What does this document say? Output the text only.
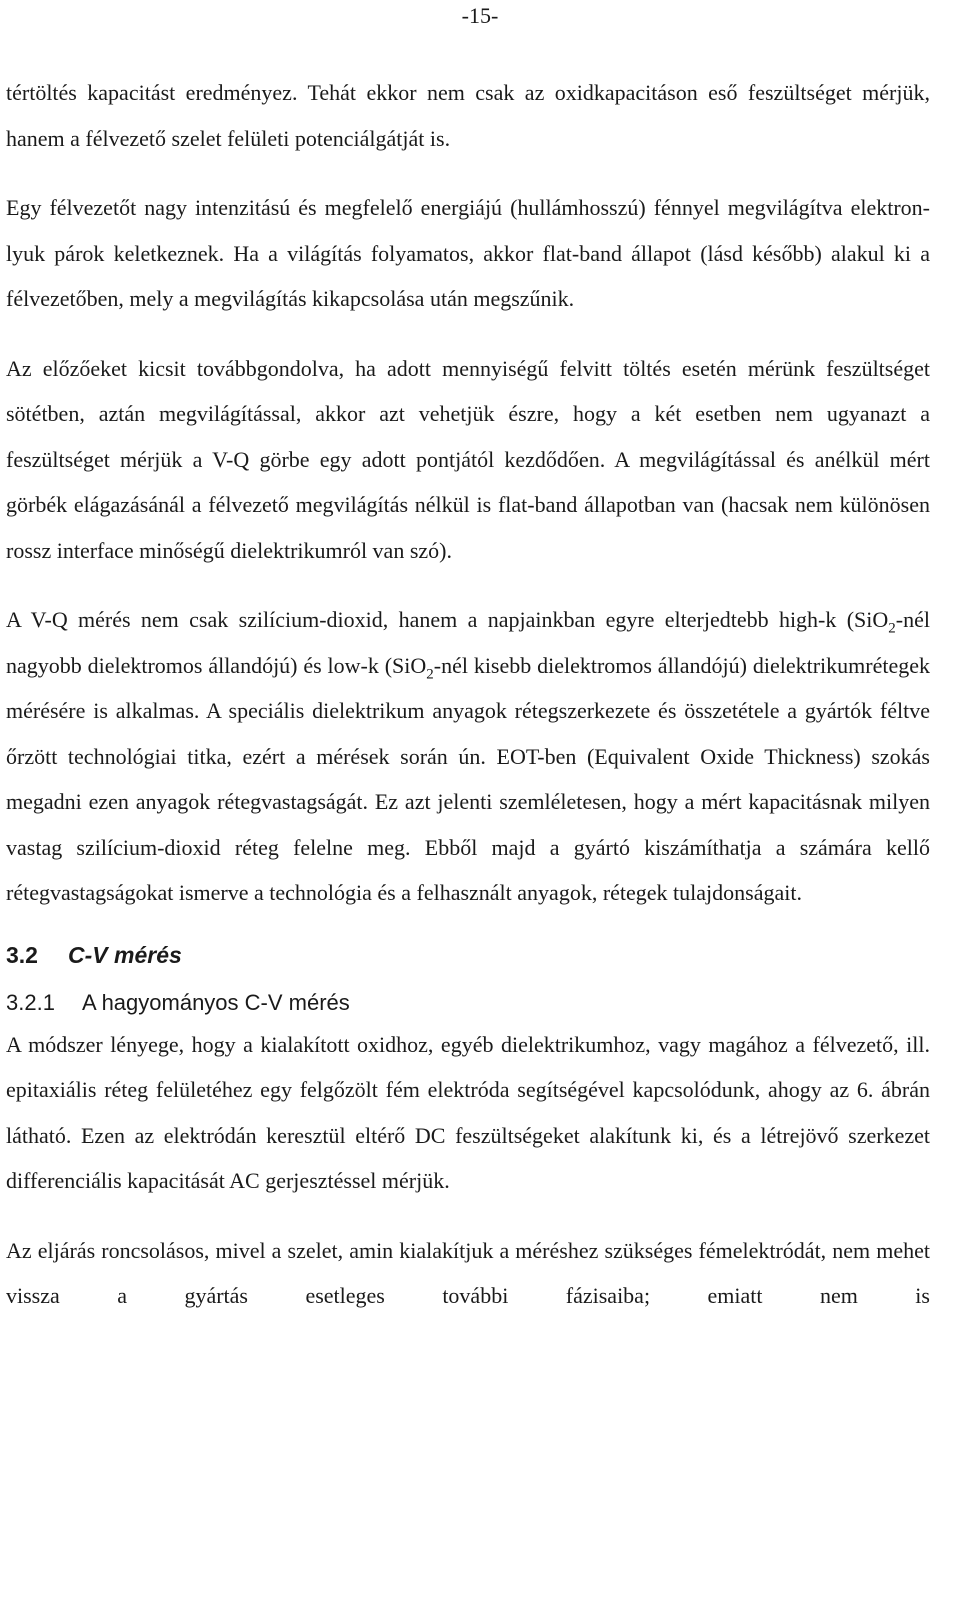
-15-

tértöltés kapacitást eredményez. Tehát ekkor nem csak az oxidkapacitáson eső feszültséget mérjük, hanem a félvezető szelet felületi potenciálgátját is.

Egy félvezetőt nagy intenzitású és megfelelő energiájú (hullámhosszú) fénnyel megvilágítva elektron-lyuk párok keletkeznek. Ha a világítás folyamatos, akkor flat-band állapot (lásd később) alakul ki a félvezetőben, mely a megvilágítás kikapcsolása után megszűnik.

Az előzőeket kicsit továbbgondolva, ha adott mennyiségű felvitt töltés esetén mérünk feszültséget sötétben, aztán megvilágítással, akkor azt vehetjük észre, hogy a két esetben nem ugyanazt a feszültséget mérjük a V-Q görbe egy adott pontjától kezdődően. A megvilágítással és anélkül mért görbék elágazásánál a félvezető megvilágítás nélkül is flat-band állapotban van (hacsak nem különösen rossz interface minőségű dielektrikumról van szó).

A V-Q mérés nem csak szilícium-dioxid, hanem a napjainkban egyre elterjedtebb high-k (SiO$_2$-nél nagyobb dielektromos állandójú) és low-k (SiO$_2$-nél kisebb dielektromos állandójú) dielektrikumrétegek mérésére is alkalmas. A speciális dielektrikum anyagok rétegszerkezete és összetétele a gyártók féltve őrzött technológiai titka, ezért a mérések során ún. EOT-ben (Equivalent Oxide Thickness) szokás megadni ezen anyagok rétegvastagságát. Ez azt jelenti szemléletesen, hogy a mért kapacitásnak milyen vastag szilícium-dioxid réteg felelne meg. Ebből majd a gyártó kiszámíthatja a számára kellő rétegvastagságokat ismerve a technológia és a felhasznált anyagok, rétegek tulajdonságait.

3.2 C-V mérés
3.2.1 A hagyományos C-V mérés

A módszer lényege, hogy a kialakított oxidhoz, egyéb dielektrikumhoz, vagy magához a félvezető, ill. epitaxiális réteg felületéhez egy felgőzölt fém elektróda segítségével kapcsolódunk, ahogy az 6. ábrán látható. Ezen az elektródán keresztül eltérő DC feszültségeket alakítunk ki, és a létrejövő szerkezet differenciális kapacitását AC gerjesztéssel mérjük.

Az eljárás roncsolásos, mivel a szelet, amin kialakítjuk a méréshez szükséges fémelektródát, nem mehet vissza a gyártás esetleges további fázisaiba; emiatt nem is
